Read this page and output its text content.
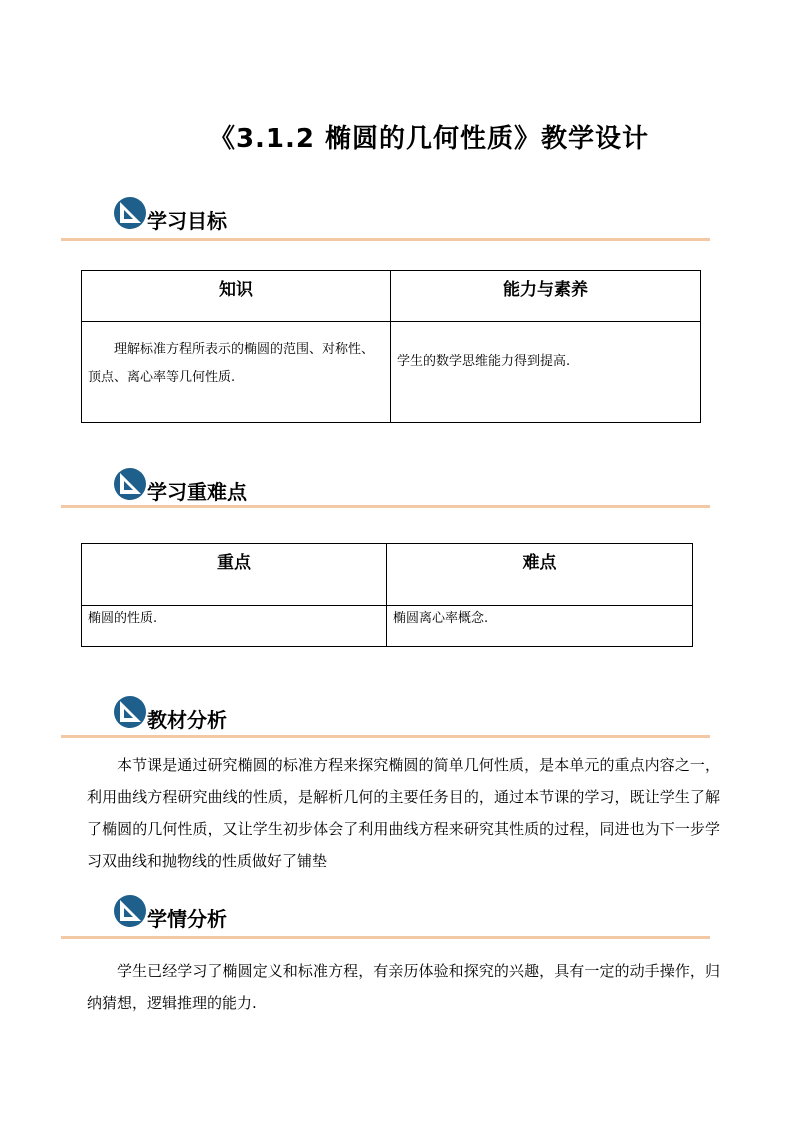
《3.1.2 椭圆的几何性质》教学设计
学习目标
知识	能力与素养

理解标准方程所表示的椭圆的范围、对称性、顶点、离心率等几何性质.	学生的数学思维能力得到提高.
学习重难点
重点	难点

椭圆的性质.	椭圆离心率概念.
教材分析

本节课是通过研究椭圆的标准方程来探究椭圆的简单几何性质，是本单元的重点内容之一，利用曲线方程研究曲线的性质，是解析几何的主要任务目的，通过本节课的学习，既让学生了解了椭圆的几何性质，又让学生初步体会了利用曲线方程来研究其性质的过程，同进也为下一步学习双曲线和抛物线的性质做好了铺垫

学情分析

学生已经学习了椭圆定义和标准方程，有亲历体验和探究的兴趣，具有一定的动手操作，归纳猜想，逻辑推理的能力.
